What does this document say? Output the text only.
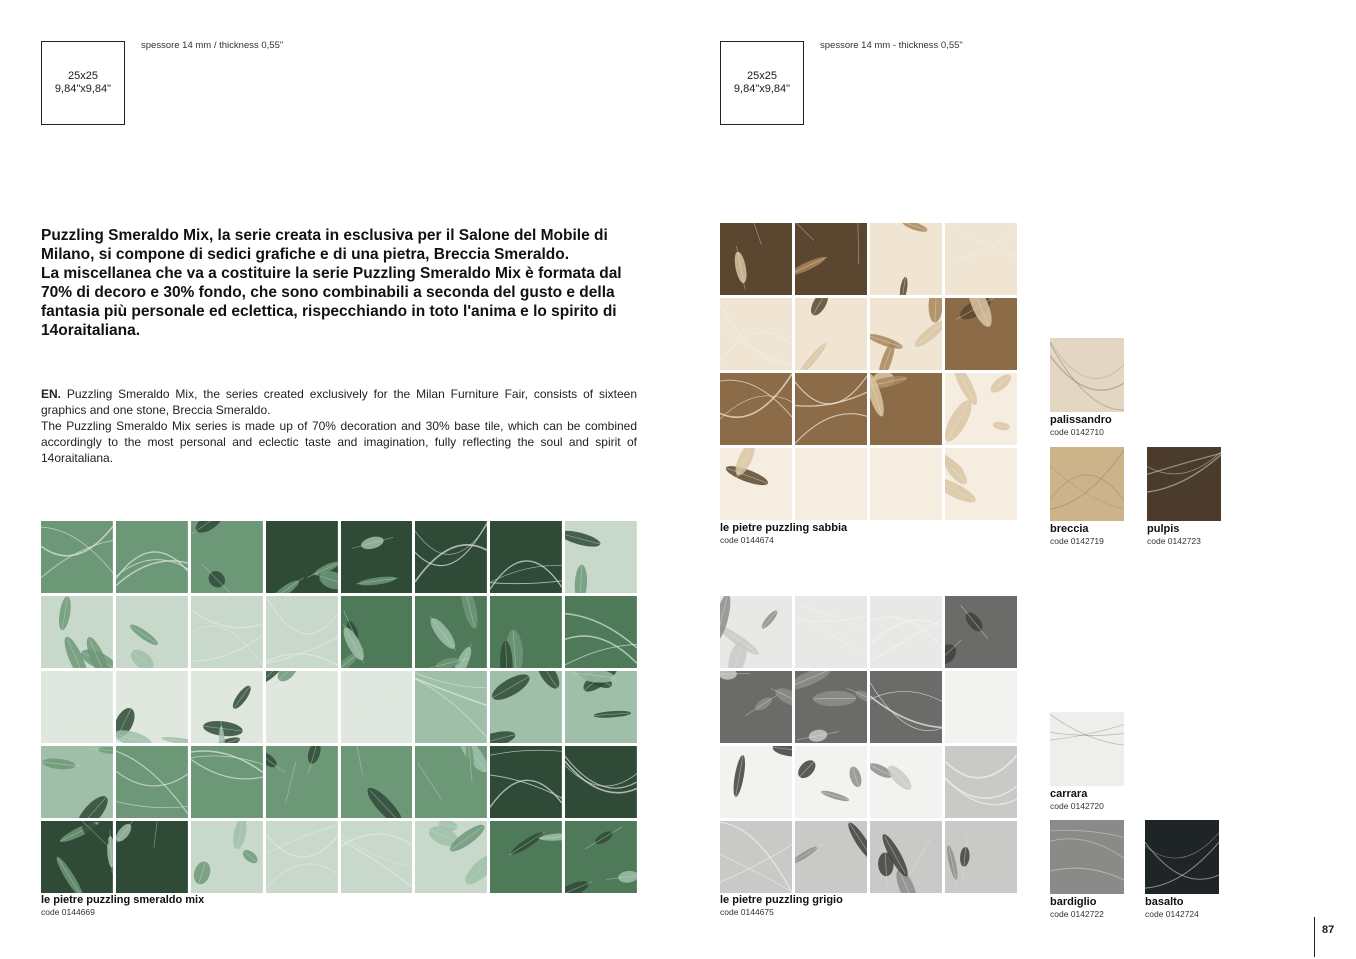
25x25
9,84"x9,84"
spessore 14 mm / thickness 0,55"

Puzzling Smeraldo Mix, la serie creata in esclusiva per il Salone del Mobile di Milano, si compone di sedici grafiche e di una pietra, Breccia Smeraldo.

La miscellanea che va a costituire la serie Puzzling Smeraldo Mix è formata dal 70% di decoro e 30% fondo, che sono combinabili a seconda del gusto e della fantasia più personale ed eclettica, rispecchiando in toto l'anima e lo spirito di 14oraitaliana.

EN. Puzzling Smeraldo Mix, the series created exclusively for the Milan Furniture Fair, consists of sixteen graphics and one stone, Breccia Smeraldo.

The Puzzling Smeraldo Mix series is made up of 70% decoration and 30% base tile, which can be combined accordingly to the most personal and eclectic taste and imagination, fully reflecting the soul and spirit of 14oraitaliana.

le pietre puzzling smeraldo mix
code 0144669
25x25
9,84"x9,84"
spessore 14 mm - thickness 0,55"
le pietre puzzling sabbia
code 0144674
le pietre puzzling grigio
code 0144675
palissandro
code 0142710
breccia
code 0142719
pulpis
code 0142723
carrara
code 0142720
bardiglio
code 0142722
basalto
code 0142724
87
